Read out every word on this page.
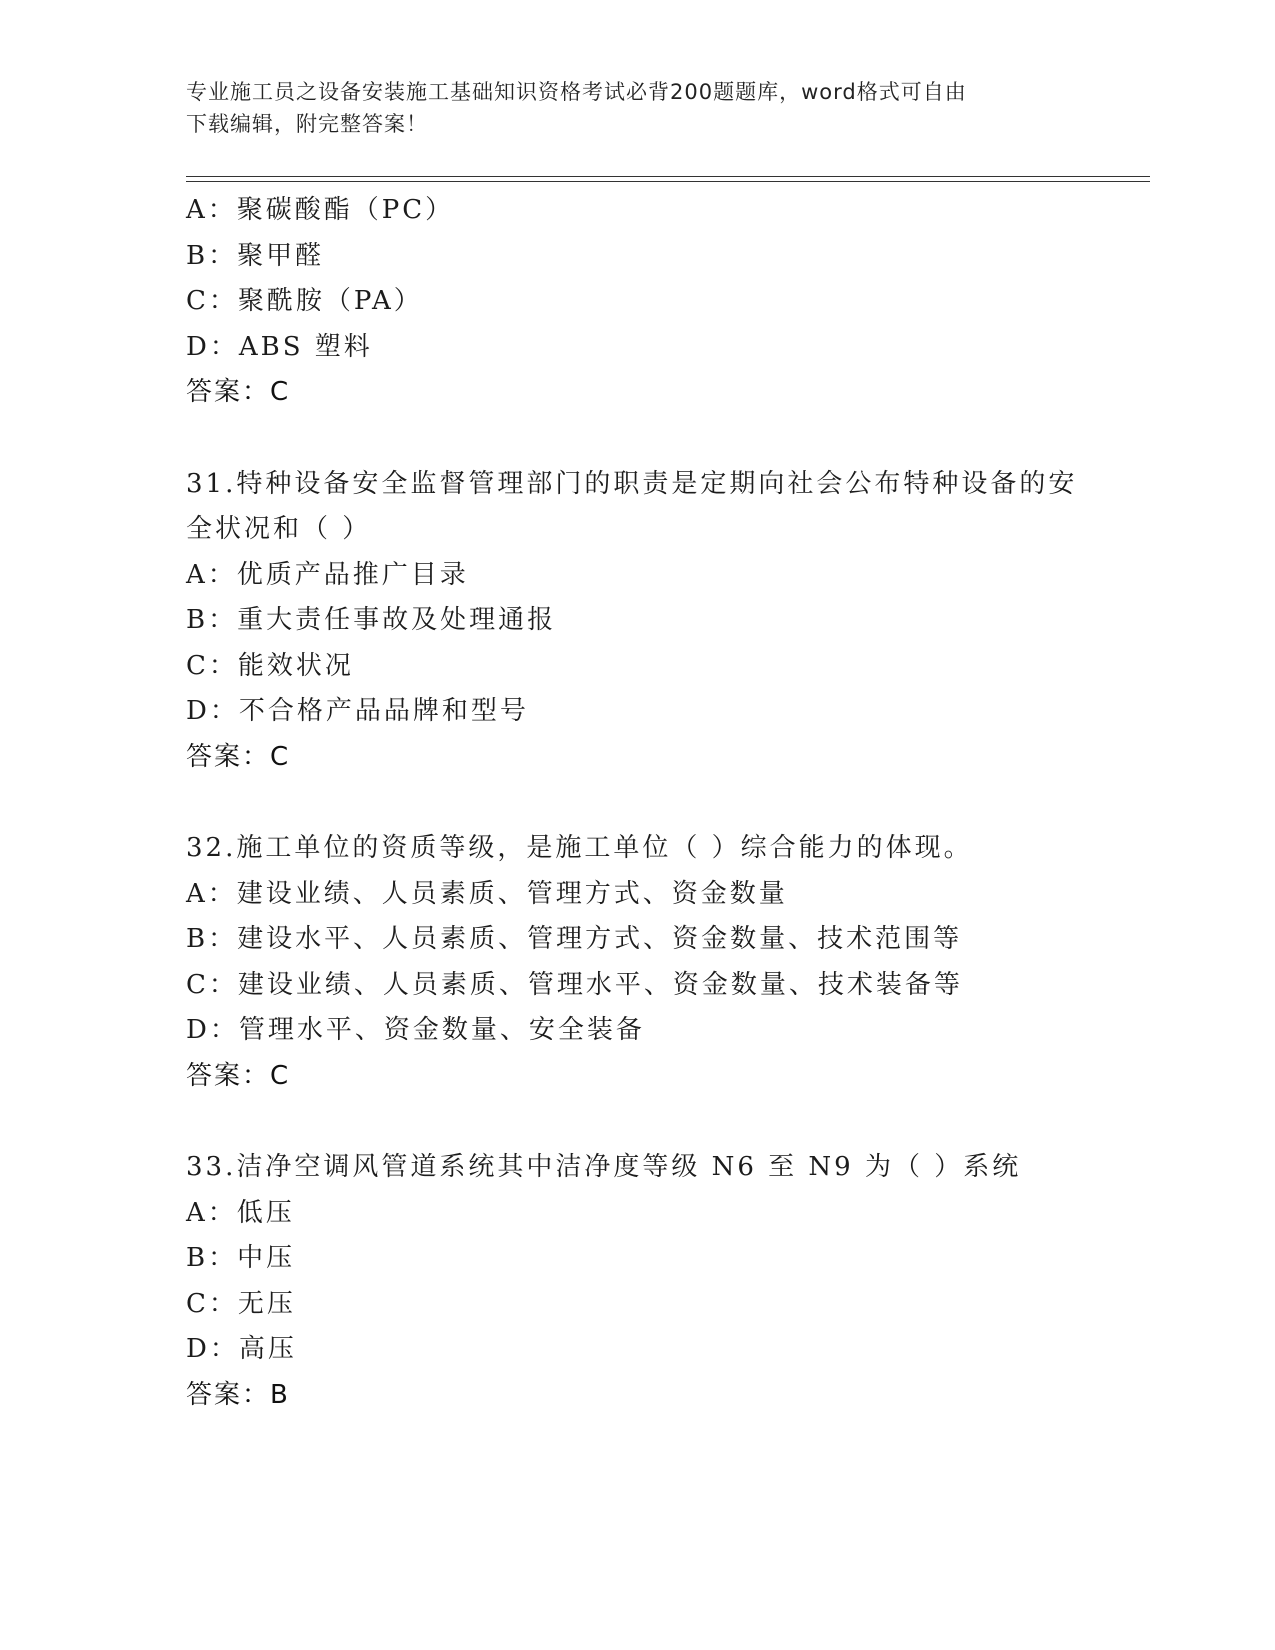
专业施工员之设备安装施工基础知识资格考试必背200题题库，word格式可自由

下载编辑，附完整答案！

A：聚碳酸酯（PC）
B：聚甲醛
C：聚酰胺（PA）
D：ABS 塑料
答案：C
31.特种设备安全监督管理部门的职责是定期向社会公布特种设备的安
全状况和（ ）
A：优质产品推广目录
B：重大责任事故及处理通报
C：能效状况
D：不合格产品品牌和型号
答案：C
32.施工单位的资质等级，是施工单位（ ）综合能力的体现。
A：建设业绩、人员素质、管理方式、资金数量
B：建设水平、人员素质、管理方式、资金数量、技术范围等
C：建设业绩、人员素质、管理水平、资金数量、技术装备等
D：管理水平、资金数量、安全装备
答案：C
33.洁净空调风管道系统其中洁净度等级 N6 至 N9 为（ ）系统
A：低压
B：中压
C：无压
D：高压
答案：B
